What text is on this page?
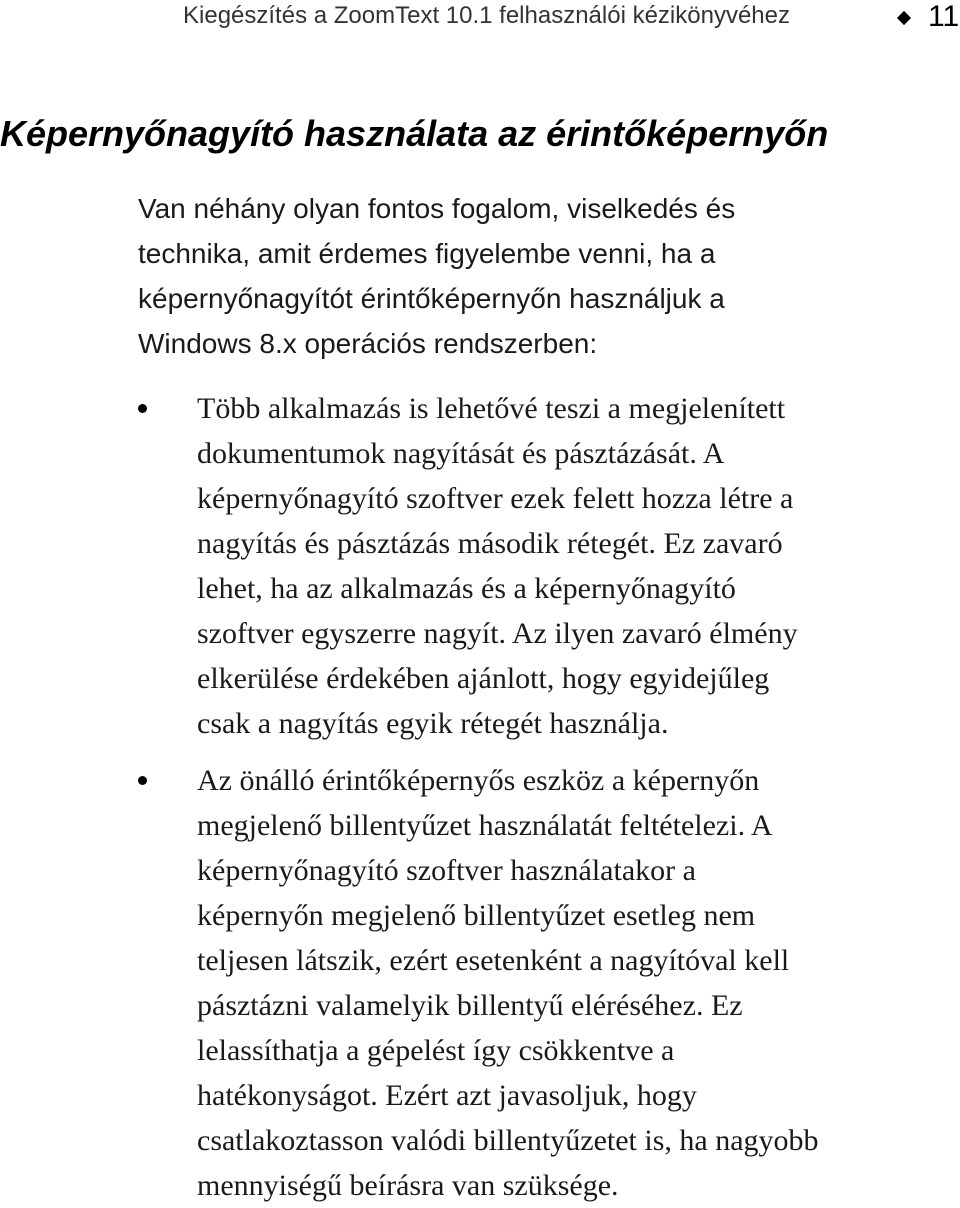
Kiegészítés a ZoomText 10.1 felhasználói kézikönyvéhez	11
Képernyőnagyító használata az érintőképernyőn

Van néhány olyan fontos fogalom, viselkedés és
technika, amit érdemes figyelembe venni, ha a
képernyőnagyítót érintőképernyőn használjuk a
Windows 8.x operációs rendszerben:

Több alkalmazás is lehetővé teszi a megjelenített
dokumentumok nagyítását és pásztázását. A
képernyőnagyító szoftver ezek felett hozza létre a
nagyítás és pásztázás második rétegét. Ez zavaró
lehet, ha az alkalmazás és a képernyőnagyító
szoftver egyszerre nagyít. Az ilyen zavaró élmény
elkerülése érdekében ajánlott, hogy egyidejűleg
csak a nagyítás egyik rétegét használja.
Az önálló érintőképernyős eszköz a képernyőn
megjelenő billentyűzet használatát feltételezi. A
képernyőnagyító szoftver használatakor a
képernyőn megjelenő billentyűzet esetleg nem
teljesen látszik, ezért esetenként a nagyítóval kell
pásztázni valamelyik billentyű eléréséhez. Ez
lelassíthatja a gépelést így csökkentve a
hatékonyságot. Ezért azt javasoljuk, hogy
csatlakoztasson valódi billentyűzetet is, ha nagyobb
mennyiségű beírásra van szüksége.
